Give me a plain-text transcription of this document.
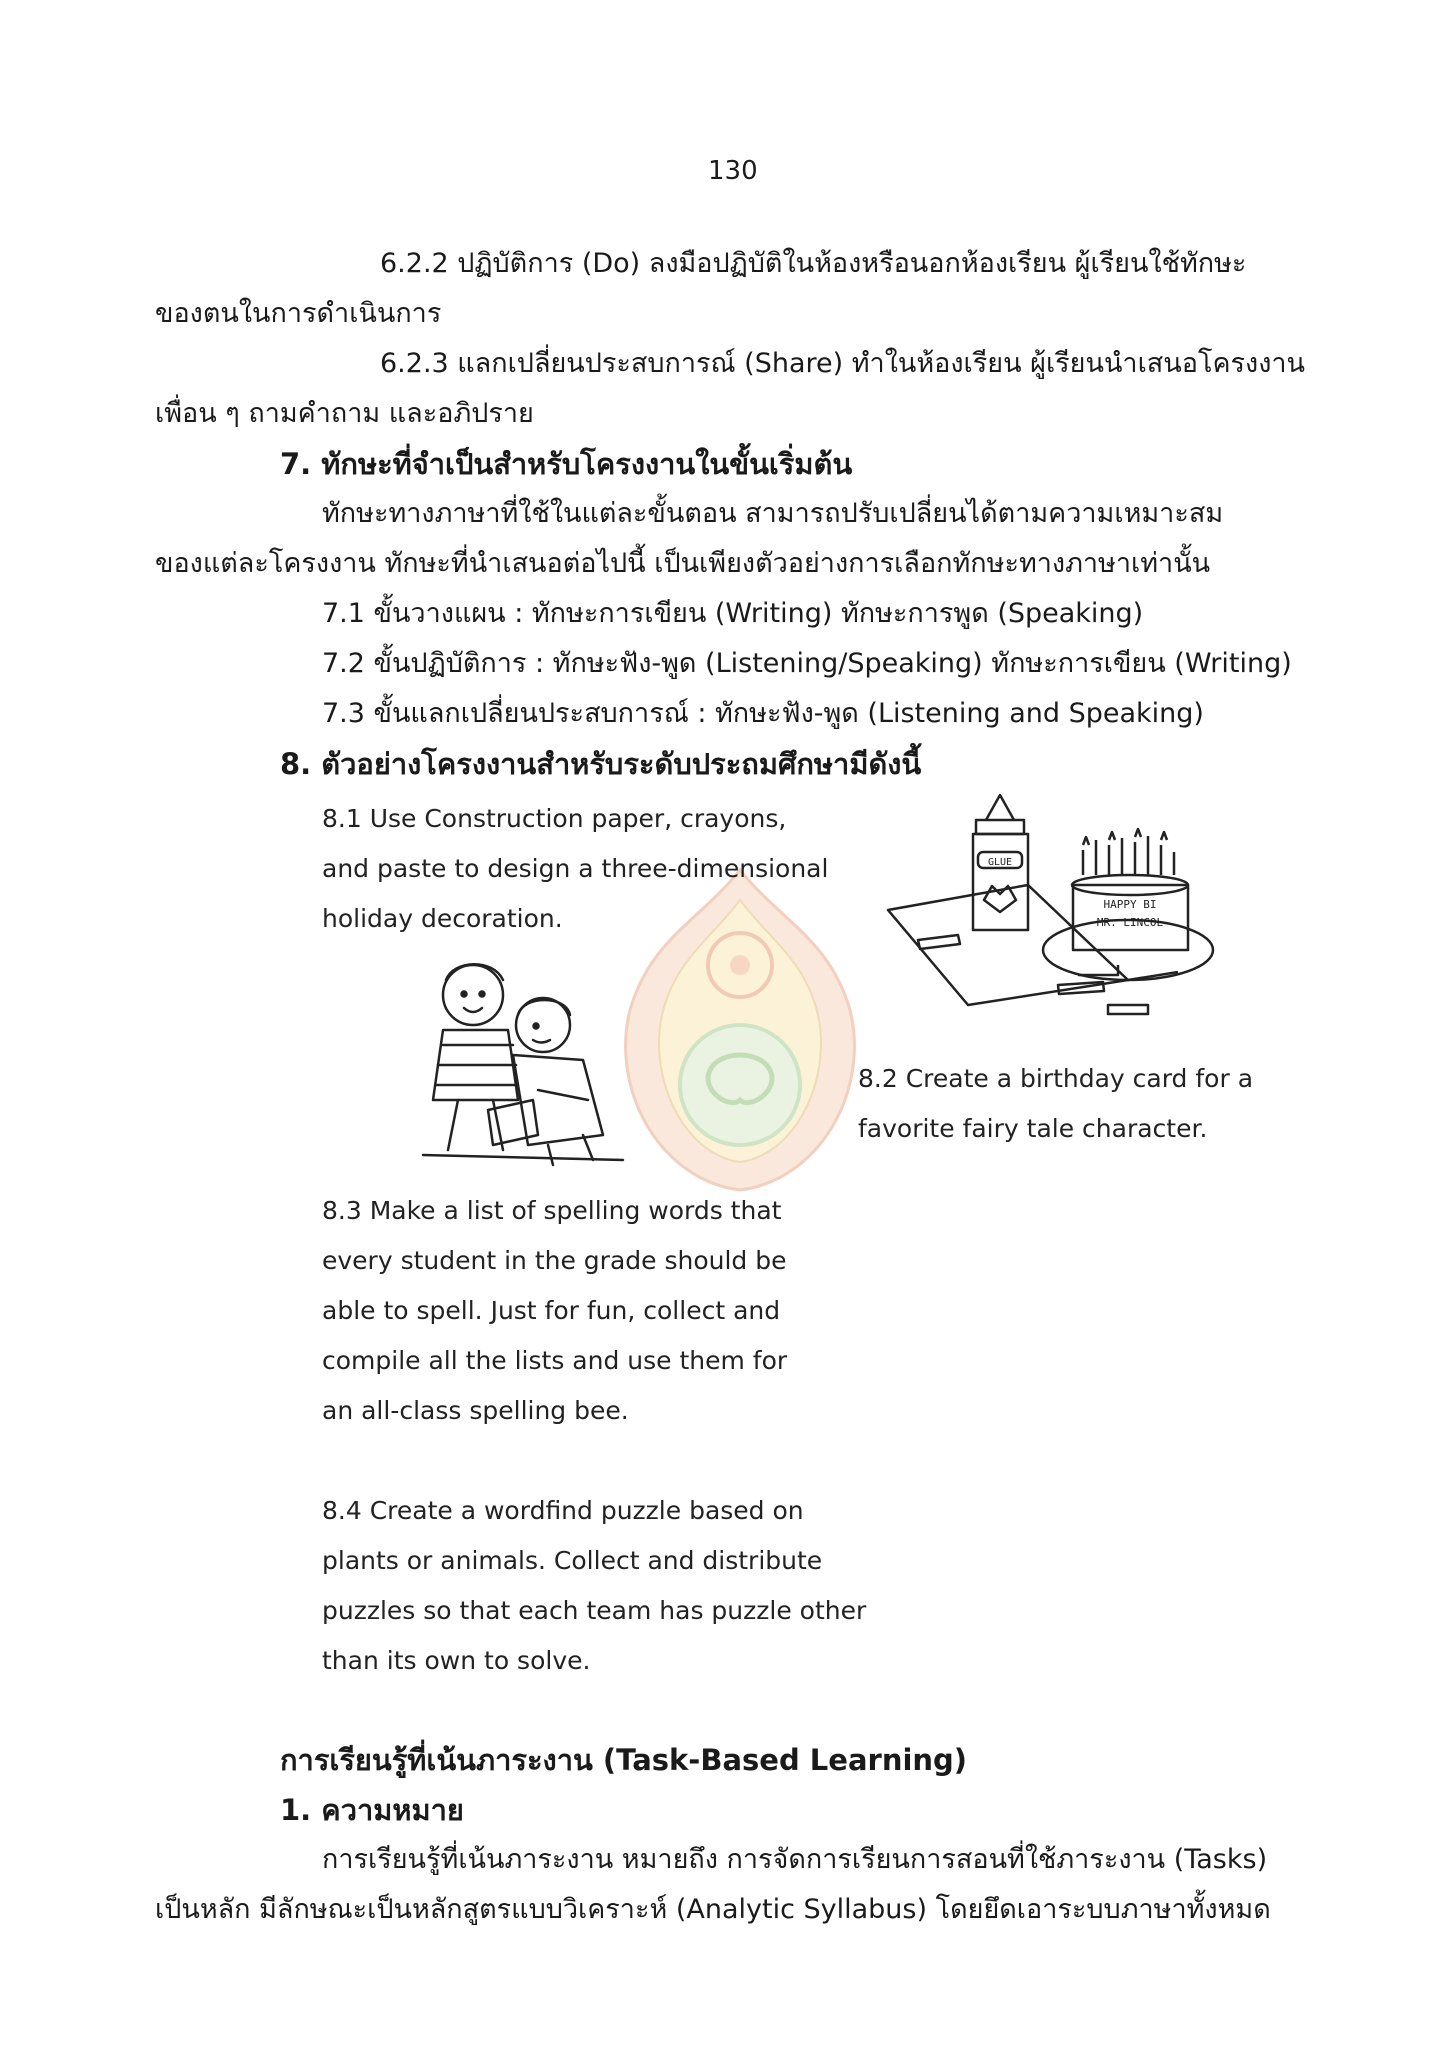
130
6.2.2 ปฏิบัติการ (Do) ลงมือปฏิบัติในห้องหรือนอกห้องเรียน ผู้เรียนใช้ทักษะ
ของตนในการดำเนินการ
6.2.3 แลกเปลี่ยนประสบการณ์ (Share) ทำในห้องเรียน ผู้เรียนนำเสนอโครงงาน
เพื่อน ๆ ถามคำถาม และอภิปราย
7. ทักษะที่จำเป็นสำหรับโครงงานในขั้นเริ่มต้น
ทักษะทางภาษาที่ใช้ในแต่ละขั้นตอน สามารถปรับเปลี่ยนได้ตามความเหมาะสม
ของแต่ละโครงงาน ทักษะที่นำเสนอต่อไปนี้ เป็นเพียงตัวอย่างการเลือกทักษะทางภาษาเท่านั้น
7.1 ขั้นวางแผน : ทักษะการเขียน (Writing) ทักษะการพูด (Speaking)
7.2 ขั้นปฏิบัติการ : ทักษะฟัง-พูด (Listening/Speaking) ทักษะการเขียน (Writing)
7.3 ขั้นแลกเปลี่ยนประสบการณ์ : ทักษะฟัง-พูด (Listening and Speaking)
8. ตัวอย่างโครงงานสำหรับระดับประถมศึกษามีดังนี้
8.1 Use Construction paper, crayons,
and paste to design a three-dimensional
holiday decoration.
GLUE
HAPPY BI
MR. LINCOL
8.2 Create a birthday card for a
favorite fairy tale character.
8.3 Make a list of spelling words that
every student in the grade should be
able to spell. Just for fun, collect and
compile all the lists and use them for
an all-class spelling bee.
8.4 Create a wordfind puzzle based on
plants or animals. Collect and distribute
puzzles so that each team has puzzle other
than its own to solve.
การเรียนรู้ที่เน้นภาระงาน (Task-Based Learning)
1. ความหมาย
การเรียนรู้ที่เน้นภาระงาน หมายถึง การจัดการเรียนการสอนที่ใช้ภาระงาน (Tasks)
เป็นหลัก มีลักษณะเป็นหลักสูตรแบบวิเคราะห์ (Analytic Syllabus) โดยยึดเอาระบบภาษาทั้งหมด
